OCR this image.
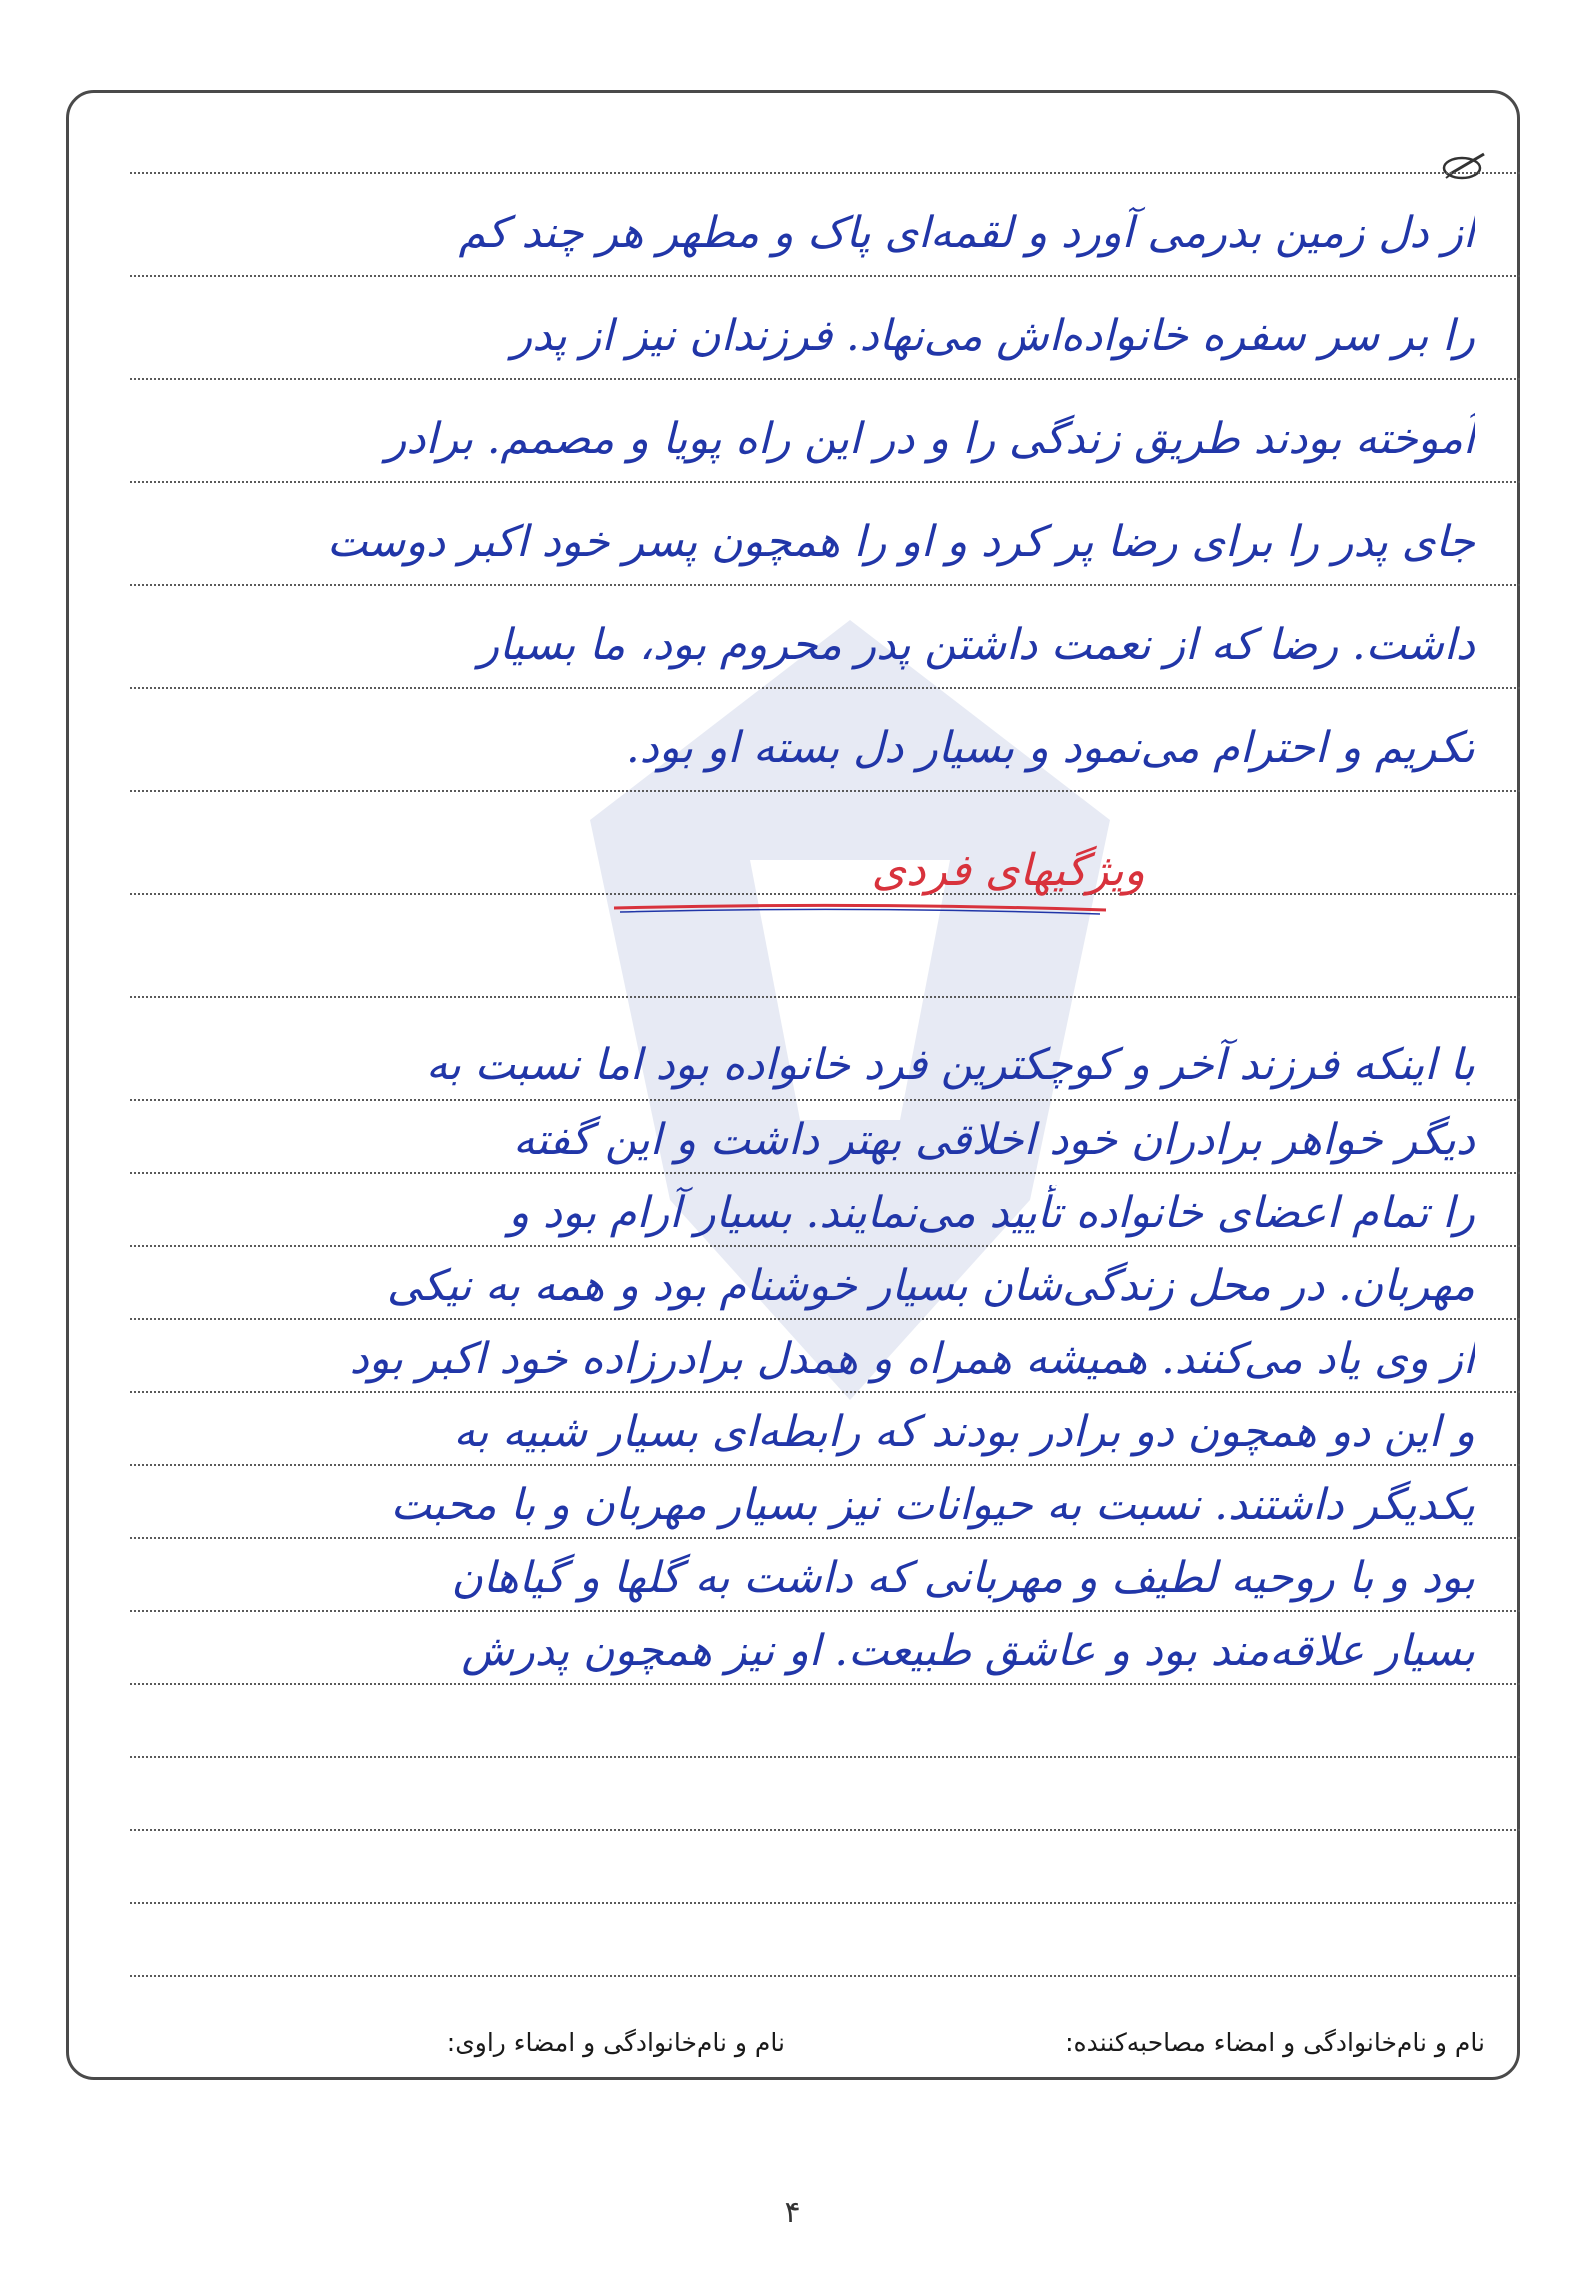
از دل زمین بدرمی آورد و لقمه‌ای پاک و مطهر هر چند کم
را بر سر سفره خانواده‌اش می‌نهاد. فرزندان نیز از پدر
آموخته بودند طریق زندگی را و در این راه پویا و مصمم. برادر
جای پدر را برای رضا پر کرد و او را همچون پسر خود اکبر دوست
داشت. رضا که از نعمت داشتن پدر محروم بود، ما بسیار
تکریم و احترام می‌نمود و بسیار دل بسته او بود.
ویژگیهای فردی
با اینکه فرزند آخر و کوچکترین فرد خانواده بود اما نسبت به
دیگر خواهر برادران خود اخلاقی بهتر داشت و این گفته
را تمام اعضای خانواده تأیید می‌نمایند. بسیار آرام بود و
مهربان. در محل زندگی‌شان بسیار خوشنام بود و همه به نیکی
از وی یاد می‌کنند. همیشه همراه و همدل برادرزاده خود اکبر بود
و این دو همچون دو برادر بودند که رابطه‌ای بسیار شبیه به
یکدیگر داشتند. نسبت به حیوانات نیز بسیار مهربان و با محبت
بود و با روحیه لطیف و مهربانی که داشت به گلها و گیاهان
بسیار علاقه‌مند بود و عاشق طبیعت. او نیز همچون پدرش
نام و نام‌خانوادگی و امضاء مصاحبه‌کننده:
نام و نام‌خانوادگی و امضاء راوی:
۴
